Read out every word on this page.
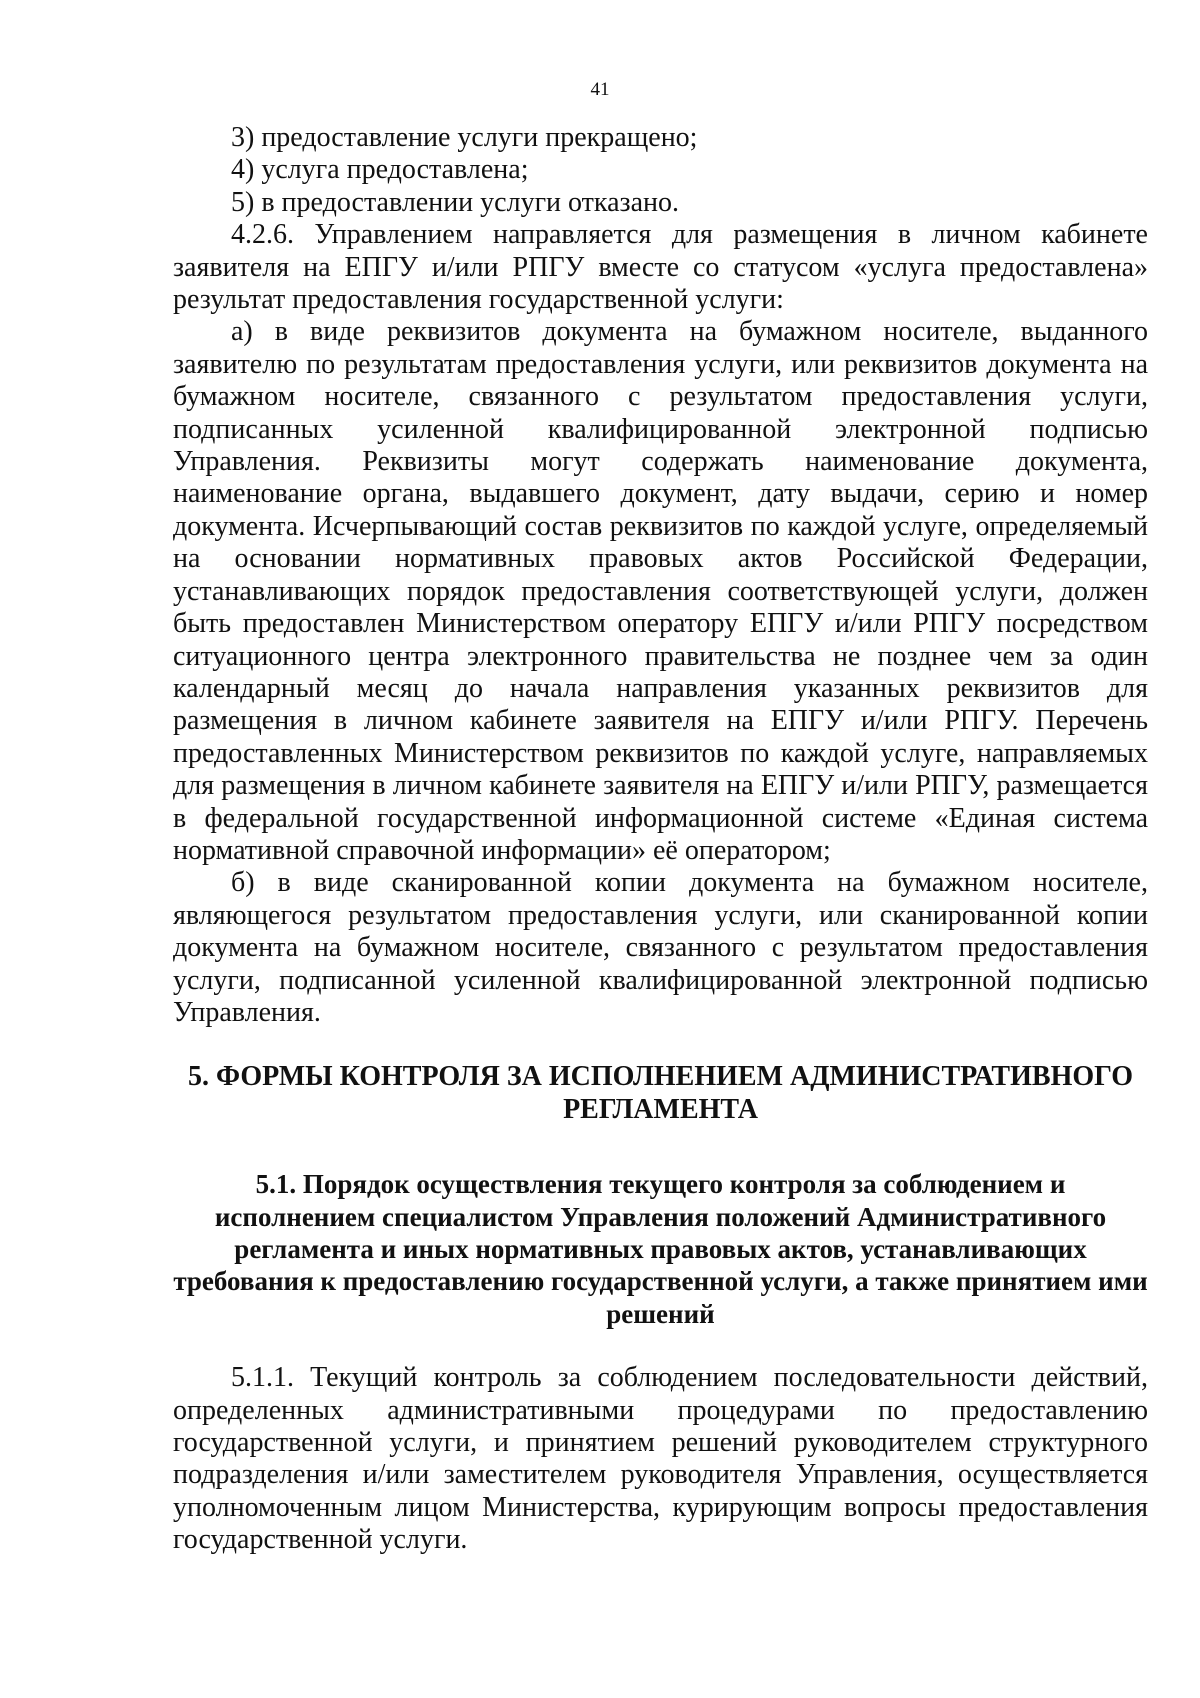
41

3) предоставление услуги прекращено;

4) услуга предоставлена;

5) в предоставлении услуги отказано.

4.2.6. Управлением направляется для размещения в личном кабинете заявителя на ЕПГУ и/или РПГУ вместе со статусом «услуга предоставлена» результат предоставления государственной услуги:

а) в виде реквизитов документа на бумажном носителе, выданного заявителю по результатам предоставления услуги, или реквизитов документа на бумажном носителе, связанного с результатом предоставления услуги, подписанных усиленной квалифицированной электронной подписью Управления. Реквизиты могут содержать наименование документа, наименование органа, выдавшего документ, дату выдачи, серию и номер документа. Исчерпывающий состав реквизитов по каждой услуге, определяемый на основании нормативных правовых актов Российской Федерации, устанавливающих порядок предоставления соответствующей услуги, должен быть предоставлен Министерством оператору ЕПГУ и/или РПГУ посредством ситуационного центра электронного правительства не позднее чем за один календарный месяц до начала направления указанных реквизитов для размещения в личном кабинете заявителя на ЕПГУ и/или РПГУ. Перечень предоставленных Министерством реквизитов по каждой услуге, направляемых для размещения в личном кабинете заявителя на ЕПГУ и/или РПГУ, размещается в федеральной государственной информационной системе «Единая система нормативной справочной информации» её оператором;

б) в виде сканированной копии документа на бумажном носителе, являющегося результатом предоставления услуги, или сканированной копии документа на бумажном носителе, связанного с результатом предоставления услуги, подписанной усиленной квалифицированной электронной подписью Управления.

5. ФОРМЫ КОНТРОЛЯ ЗА ИСПОЛНЕНИЕМ АДМИНИСТРАТИВНОГО РЕГЛАМЕНТА
5.1. Порядок осуществления текущего контроля за соблюдением и исполнением специалистом Управления положений Административного регламента и иных нормативных правовых актов, устанавливающих требования к предоставлению государственной услуги, а также принятием ими решений

5.1.1. Текущий контроль за соблюдением последовательности действий, определенных административными процедурами по предоставлению государственной услуги, и принятием решений руководителем структурного подразделения и/или заместителем руководителя Управления, осуществляется уполномоченным лицом Министерства, курирующим вопросы предоставления государственной услуги.
